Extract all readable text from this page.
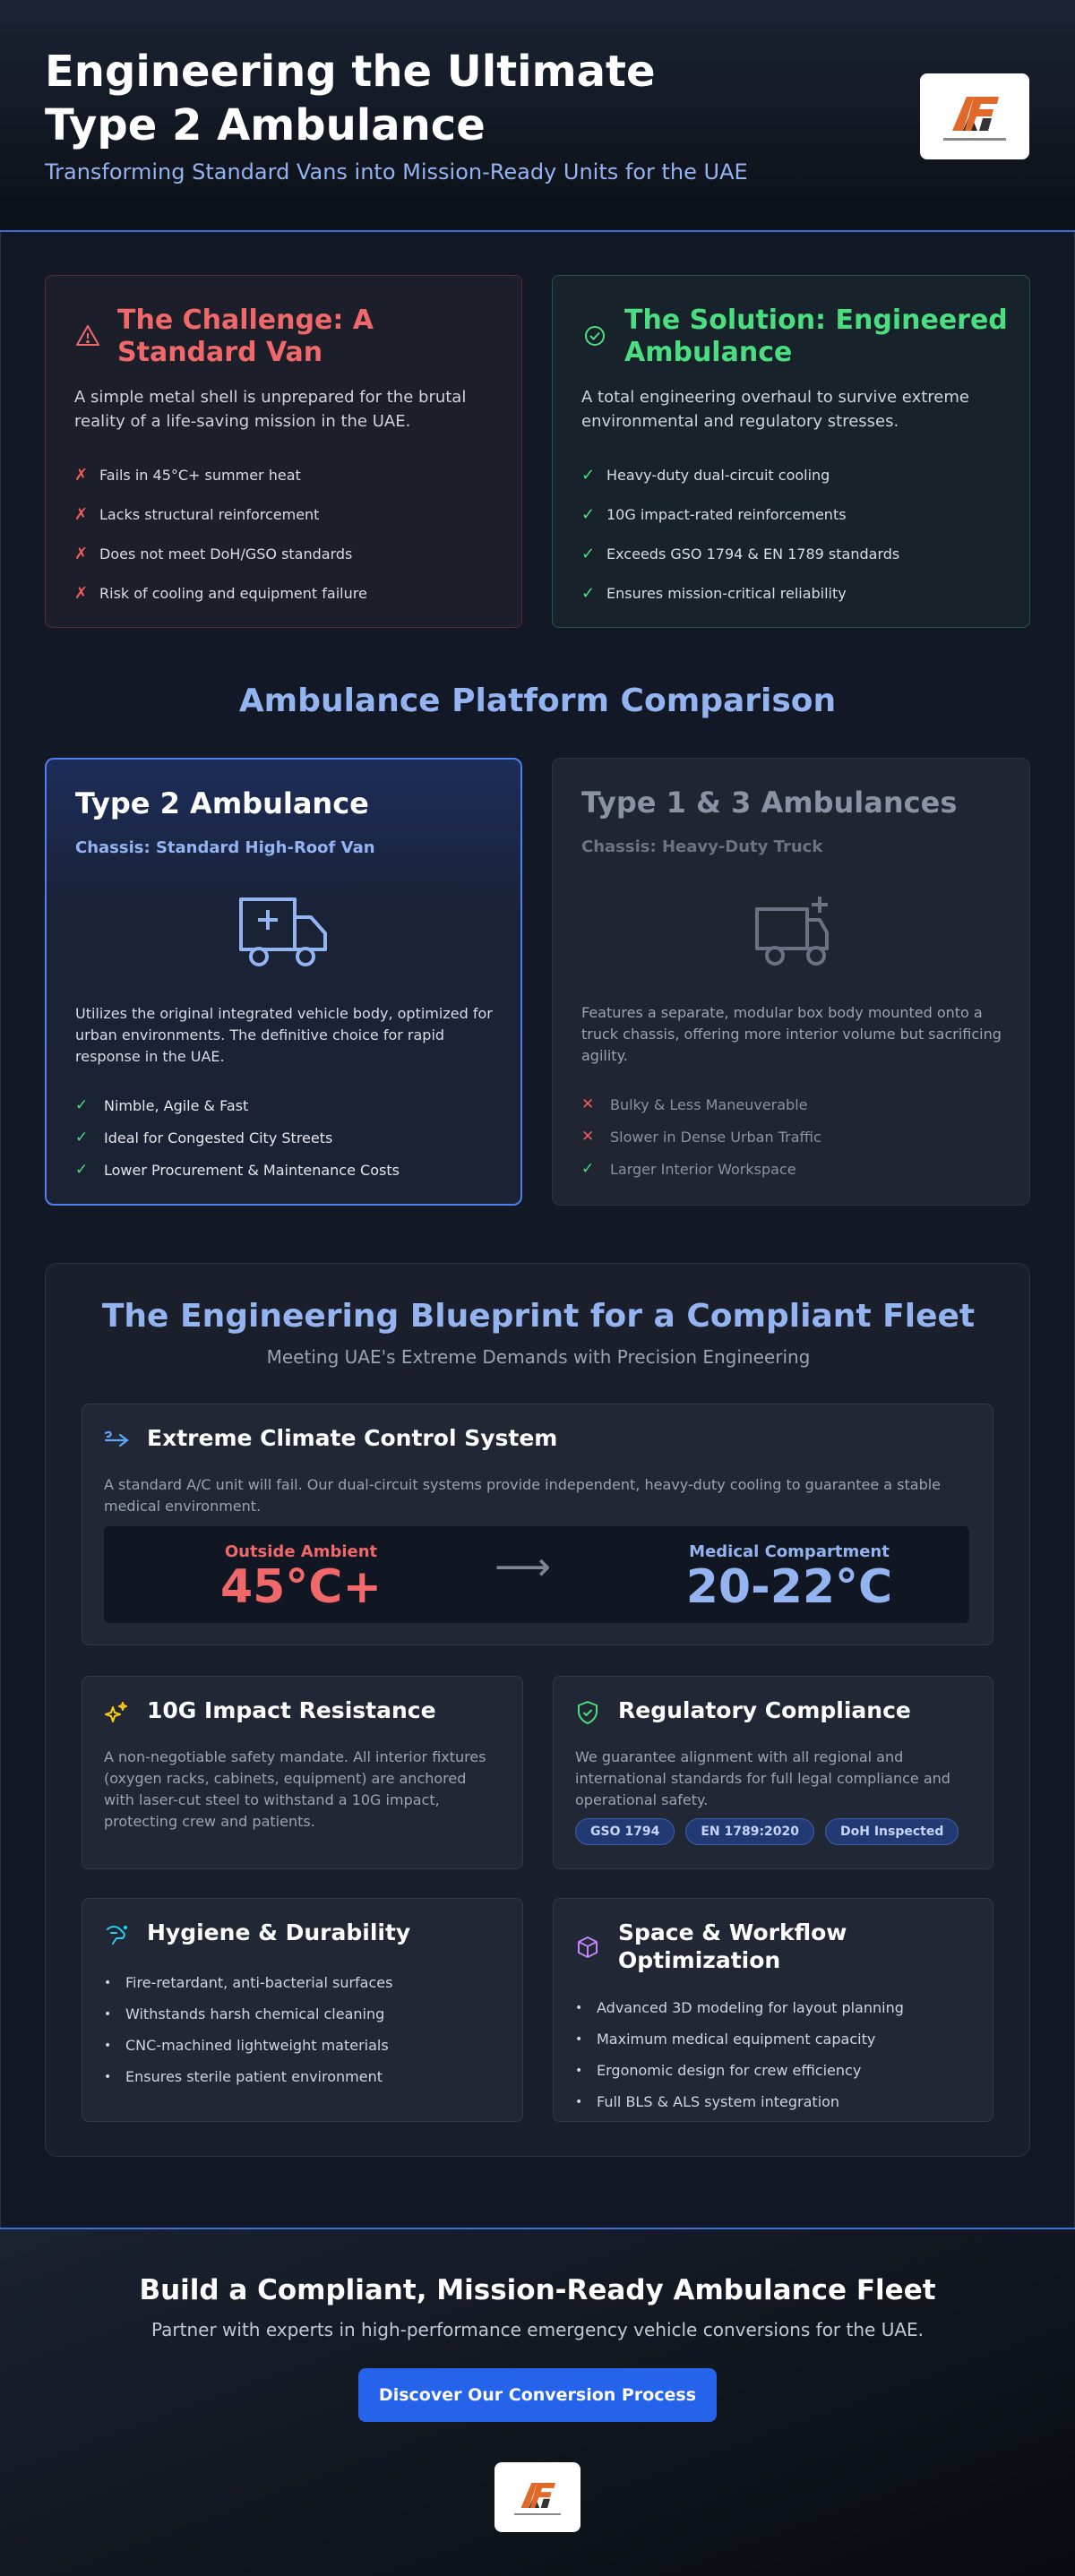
Engineering the Ultimate
Type 2 Ambulance
Transforming Standard Vans into Mission-Ready Units for the UAE
The Challenge: A Standard Van
A simple metal shell is unprepared for the brutal reality of a life-saving mission in the UAE.
✗ Fails in 45°C+ summer heat
✗ Lacks structural reinforcement
✗ Does not meet DoH/GSO standards
✗ Risk of cooling and equipment failure
The Solution: Engineered Ambulance
A total engineering overhaul to survive extreme environmental and regulatory stresses.
✓ Heavy-duty dual-circuit cooling
✓ 10G impact-rated reinforcements
✓ Exceeds GSO 1794 & EN 1789 standards
✓ Ensures mission-critical reliability
Ambulance Platform Comparison
Type 2 Ambulance
Chassis: Standard High-Roof Van
Utilizes the original integrated vehicle body, optimized for urban environments. The definitive choice for rapid response in the UAE.
✓	Nimble, Agile & Fast
✓	Ideal for Congested City Streets
✓	Lower Procurement & Maintenance Costs
Type 1 & 3 Ambulances
Chassis: Heavy-Duty Truck
Features a separate, modular box body mounted onto a truck chassis, offering more interior volume but sacrificing agility.
✕	Bulky & Less Maneuverable
✕	Slower in Dense Urban Traffic
✓	Larger Interior Workspace
The Engineering Blueprint for a Compliant Fleet
Meeting UAE's Extreme Demands with Precision Engineering
Extreme Climate Control System
A standard A/C unit will fail. Our dual-circuit systems provide independent, heavy-duty cooling to guarantee a stable medical environment.
Outside Ambient
45°C+	⟶	Medical Compartment
20-22°C
10G Impact Resistance
A non-negotiable safety mandate. All interior fixtures (oxygen racks, cabinets, equipment) are anchored with laser-cut steel to withstand a 10G impact, protecting crew and patients.
Regulatory Compliance
We guarantee alignment with all regional and international standards for full legal compliance and operational safety.
GSO 1794	EN 1789:2020	DoH Inspected
Hygiene & Durability
• Fire-retardant, anti-bacterial surfaces
• Withstands harsh chemical cleaning
• CNC-machined lightweight materials
• Ensures sterile patient environment
Space & Workflow Optimization
• Advanced 3D modeling for layout planning
• Maximum medical equipment capacity
• Ergonomic design for crew efficiency
• Full BLS & ALS system integration
Build a Compliant, Mission-Ready Ambulance Fleet
Partner with experts in high-performance emergency vehicle conversions for the UAE.
Discover Our Conversion Process
